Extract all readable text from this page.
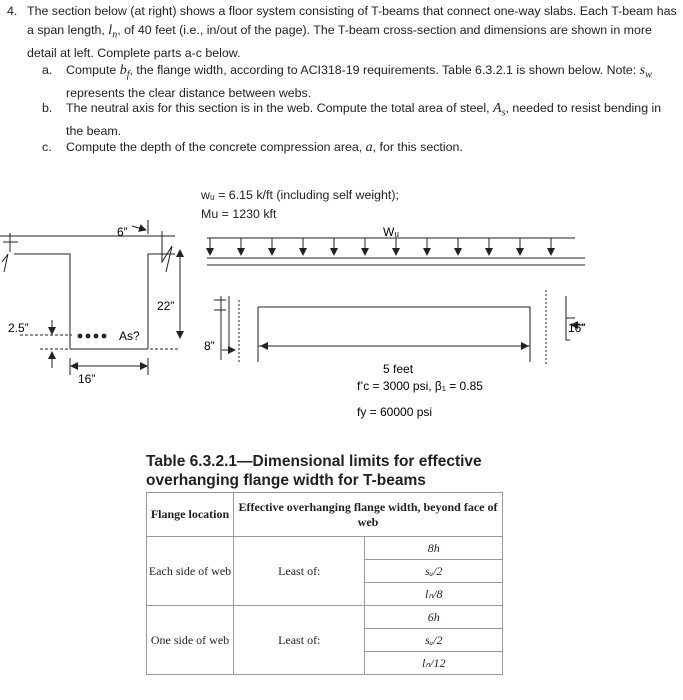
4. The section below (at right) shows a floor system consisting of T-beams that connect one-way slabs. Each T-beam has a span length, $l_n$, of 40 feet (i.e., in/out of the page). The T-beam cross-section and dimensions are shown in more detail at left. Complete parts a-c below.
a. Compute $b_f$, the flange width, according to ACI318-19 requirements. Table 6.3.2.1 is shown below. Note: $s_w$ represents the clear distance between webs.
b. The neutral axis for this section is in the web. Compute the total area of steel, $A_s$, needed to resist bending in the beam.
c. Compute the depth of the concrete compression area, a, for this section.
wᵤ = 6.15 k/ft (including self weight);
Mu = 1230 kft
6”
22”
2.5”
As?
16”
Wᵤ
8”
16”
5 feet
f’c = 3000 psi, β₁ = 0.85
fy = 60000 psi
Table 6.3.2.1—Dimensional limits for effective overhanging flange width for T-beams
Flange location	Effective overhanging flange width, beyond face of web	
Each side of web	Least of:	8h
		sᵤ/2
		lₙ/8
One side of web	Least of:	6h
		sᵤ/2
		lₙ/12
